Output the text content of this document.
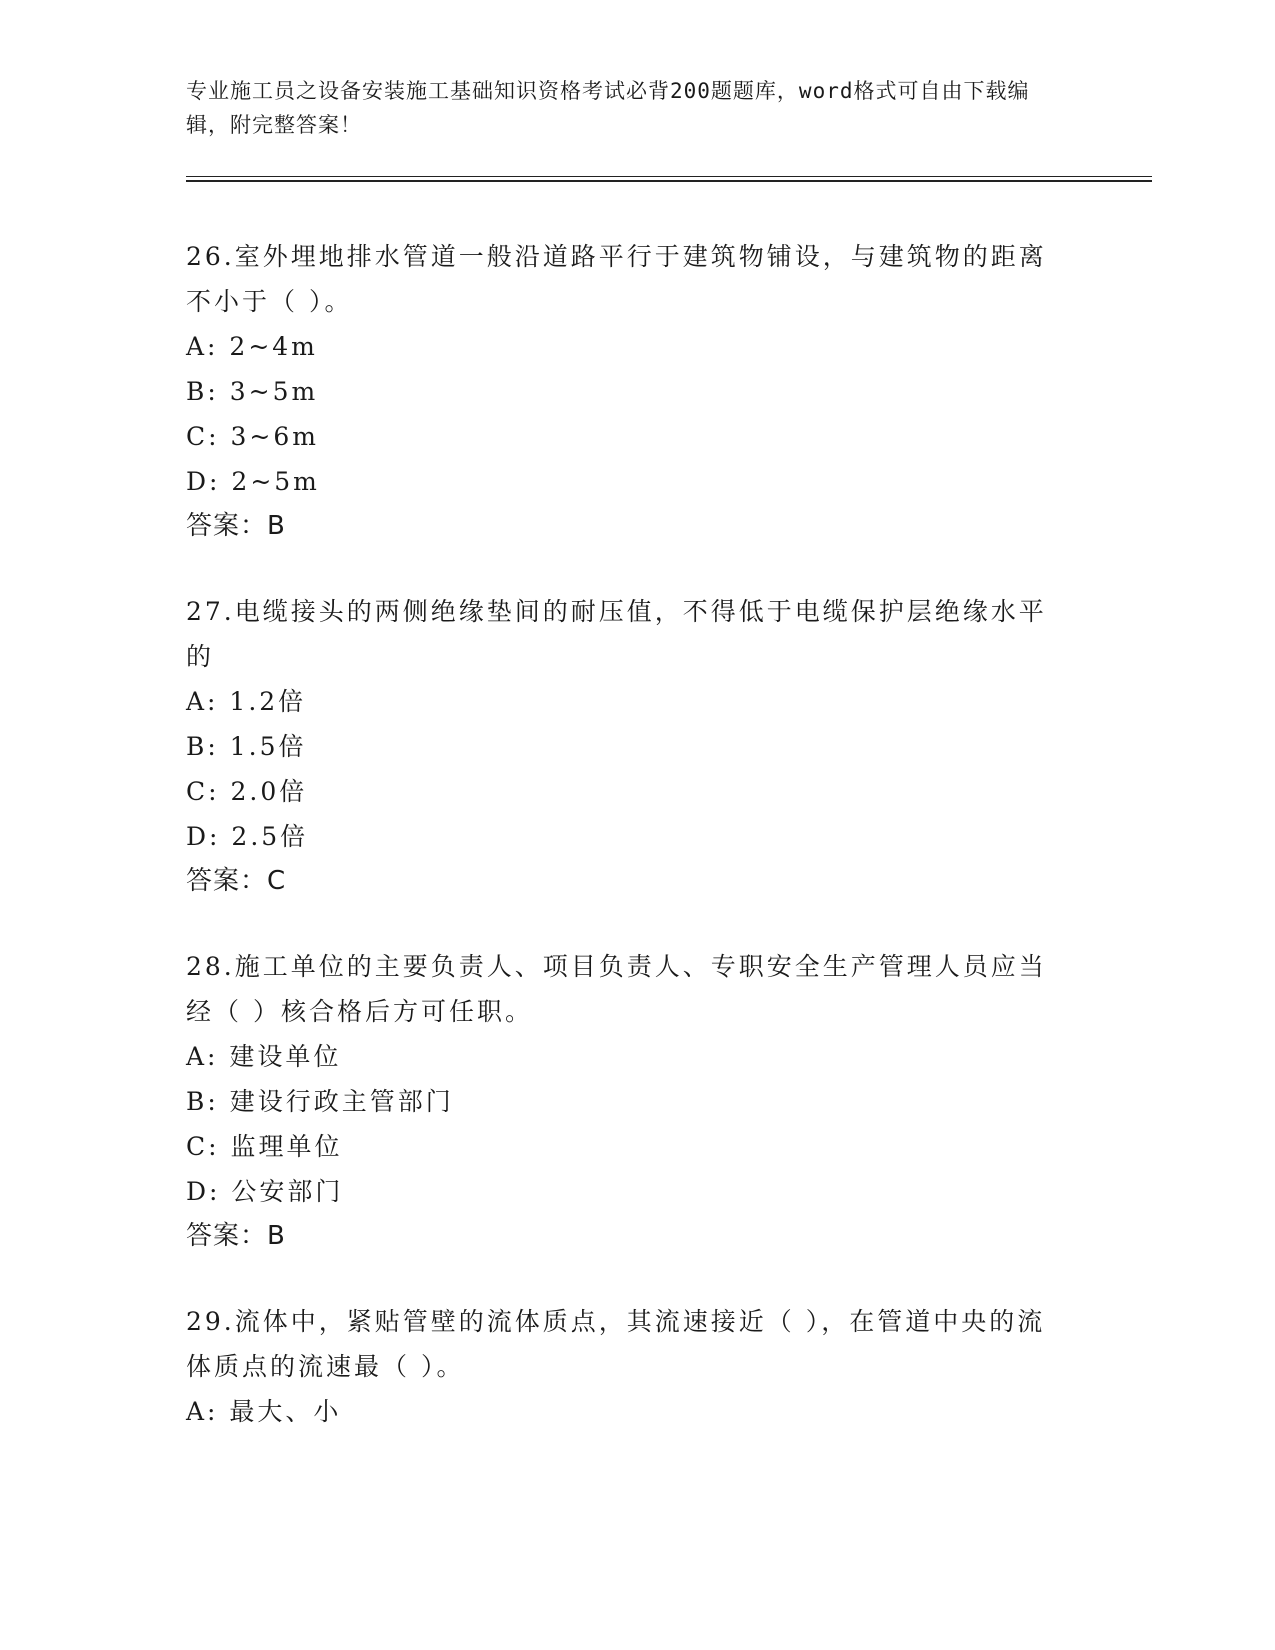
专业施工员之设备安装施工基础知识资格考试必背200题题库，word格式可自由下载编辑，附完整答案！
26.室外埋地排水管道一般沿道路平行于建筑物铺设，与建筑物的距离不小于（ ）。
A: 2~4m
B: 3~5m
C: 3~6m
D: 2~5m
答案：B
27.电缆接头的两侧绝缘垫间的耐压值，不得低于电缆保护层绝缘水平的
A: 1.2倍
B: 1.5倍
C: 2.0倍
D: 2.5倍
答案：C
28.施工单位的主要负责人、项目负责人、专职安全生产管理人员应当经（ ）核合格后方可任职。
A: 建设单位
B: 建设行政主管部门
C: 监理单位
D: 公安部门
答案：B
29.流体中，紧贴管壁的流体质点，其流速接近（ ），在管道中央的流体质点的流速最（ ）。
A: 最大、小
